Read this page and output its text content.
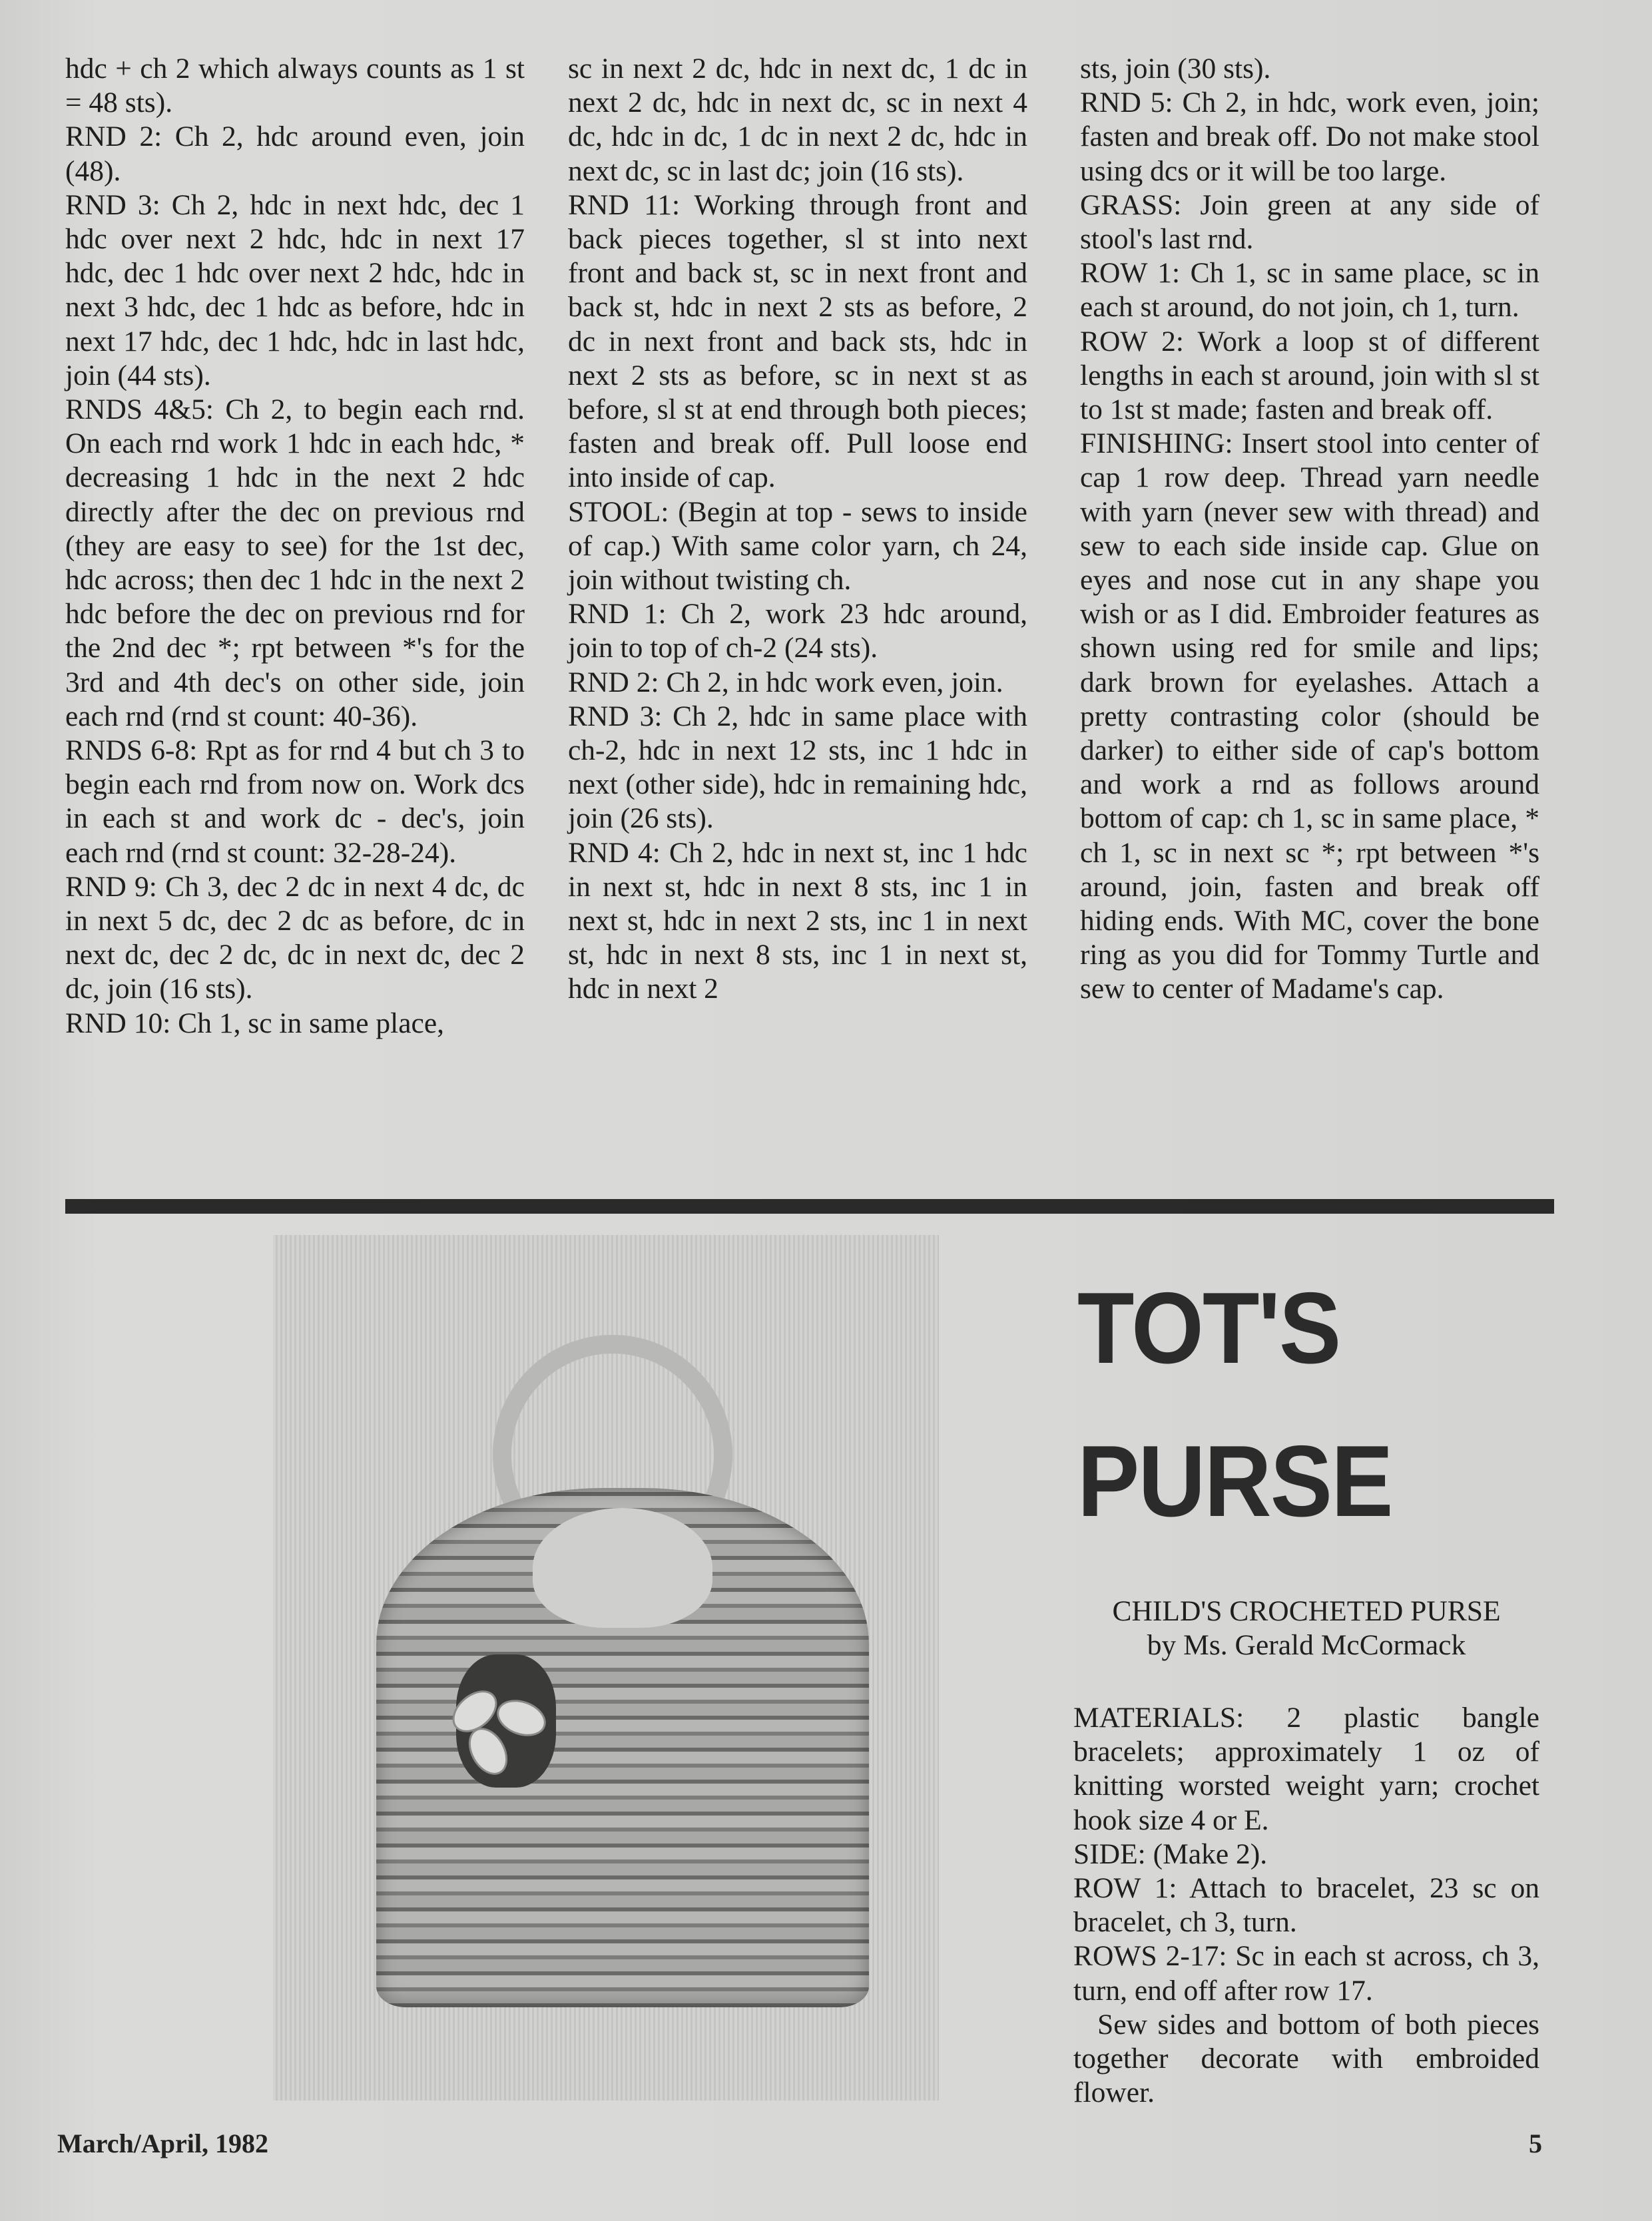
hdc + ch 2 which always counts as 1 st = 48 sts).

RND 2: Ch 2, hdc around even, join (48).

RND 3: Ch 2, hdc in next hdc, dec 1 hdc over next 2 hdc, hdc in next 17 hdc, dec 1 hdc over next 2 hdc, hdc in next 3 hdc, dec 1 hdc as before, hdc in next 17 hdc, dec 1 hdc, hdc in last hdc, join (44 sts).

RNDS 4&5: Ch 2, to begin each rnd. On each rnd work 1 hdc in each hdc, * decreasing 1 hdc in the next 2 hdc directly after the dec on previous rnd (they are easy to see) for the 1st dec, hdc across; then dec 1 hdc in the next 2 hdc before the dec on previous rnd for the 2nd dec *; rpt between *'s for the 3rd and 4th dec's on other side, join each rnd (rnd st count: 40-36).

RNDS 6-8: Rpt as for rnd 4 but ch 3 to begin each rnd from now on. Work dcs in each st and work dc - dec's, join each rnd (rnd st count: 32-28-24).

RND 9: Ch 3, dec 2 dc in next 4 dc, dc in next 5 dc, dec 2 dc as before, dc in next dc, dec 2 dc, dc in next dc, dec 2 dc, join (16 sts).

RND 10: Ch 1, sc in same place,

sc in next 2 dc, hdc in next dc, 1 dc in next 2 dc, hdc in next dc, sc in next 4 dc, hdc in dc, 1 dc in next 2 dc, hdc in next dc, sc in last dc; join (16 sts).

RND 11: Working through front and back pieces together, sl st into next front and back st, sc in next front and back st, hdc in next 2 sts as before, 2 dc in next front and back sts, hdc in next 2 sts as before, sc in next st as before, sl st at end through both pieces; fasten and break off. Pull loose end into inside of cap.

STOOL: (Begin at top - sews to inside of cap.) With same color yarn, ch 24, join without twisting ch.

RND 1: Ch 2, work 23 hdc around, join to top of ch-2 (24 sts).

RND 2: Ch 2, in hdc work even, join.

RND 3: Ch 2, hdc in same place with ch-2, hdc in next 12 sts, inc 1 hdc in next (other side), hdc in remaining hdc, join (26 sts).

RND 4: Ch 2, hdc in next st, inc 1 hdc in next st, hdc in next 8 sts, inc 1 in next st, hdc in next 2 sts, inc 1 in next st, hdc in next 8 sts, inc 1 in next st, hdc in next 2

sts, join (30 sts).

RND 5: Ch 2, in hdc, work even, join; fasten and break off. Do not make stool using dcs or it will be too large.

GRASS: Join green at any side of stool's last rnd.

ROW 1: Ch 1, sc in same place, sc in each st around, do not join, ch 1, turn.

ROW 2: Work a loop st of different lengths in each st around, join with sl st to 1st st made; fasten and break off.

FINISHING: Insert stool into center of cap 1 row deep. Thread yarn needle with yarn (never sew with thread) and sew to each side inside cap. Glue on eyes and nose cut in any shape you wish or as I did. Embroider features as shown using red for smile and lips; dark brown for eyelashes. Attach a pretty contrasting color (should be darker) to either side of cap's bottom and work a rnd as follows around bottom of cap: ch 1, sc in same place, * ch 1, sc in next sc *; rpt between *'s around, join, fasten and break off hiding ends. With MC, cover the bone ring as you did for Tommy Turtle and sew to center of Madame's cap.

TOT'S
PURSE
CHILD'S CROCHETED PURSE
by Ms. Gerald McCormack

MATERIALS: 2 plastic bangle bracelets; approximately 1 oz of knitting worsted weight yarn; crochet hook size 4 or E.

SIDE: (Make 2).

ROW 1: Attach to bracelet, 23 sc on bracelet, ch 3, turn.

ROWS 2-17: Sc in each st across, ch 3, turn, end off after row 17.

Sew sides and bottom of both pieces together decorate with embroided flower.

March/April, 1982	5
